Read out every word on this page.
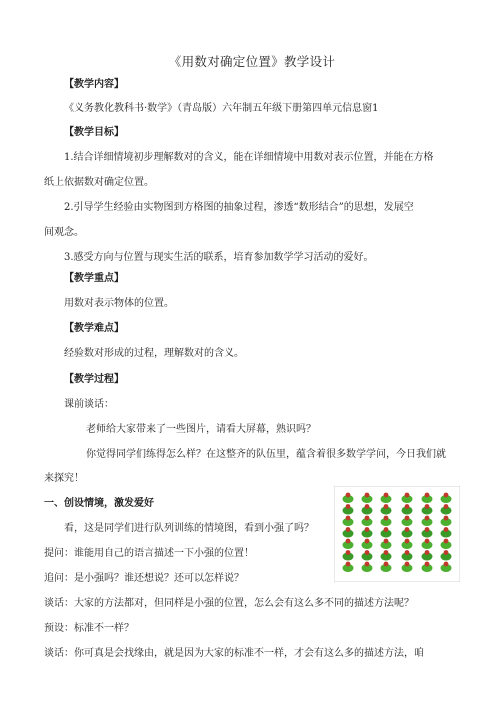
《用数对确定位置》教学设计
【教学内容】
《义务教化教科书·数学》（青岛版）六年制五年级下册第四单元信息窗1
【教学目标】
1.结合详细情境初步理解数对的含义，能在详细情境中用数对表示位置，并能在方格
纸上依据数对确定位置。
2.引导学生经验由实物图到方格图的抽象过程，渗透“数形结合”的思想，发展空
间观念。
3.感受方向与位置与现实生活的联系，培育参加数学学习活动的爱好。
【教学重点】
用数对表示物体的位置。
【教学难点】
经验数对形成的过程，理解数对的含义。
【教学过程】
课前谈话：
老师给大家带来了一些图片，请看大屏幕，熟识吗？
你觉得同学们练得怎么样？在这整齐的队伍里，蕴含着很多数学学问，今日我们就
来探究！
一、创设情境，激发爱好
看，这是同学们进行队列训练的情境图，看到小强了吗？
提问：谁能用自己的语言描述一下小强的位置！
追问：是小强吗？谁还想说？还可以怎样说？
谈话：大家的方法都对，但同样是小强的位置，怎么会有这么多不同的描述方法呢？
预设：标准不一样？
谈话：你可真是会找缘由，就是因为大家的标准不一样，才会有这么多的描述方法，咱
